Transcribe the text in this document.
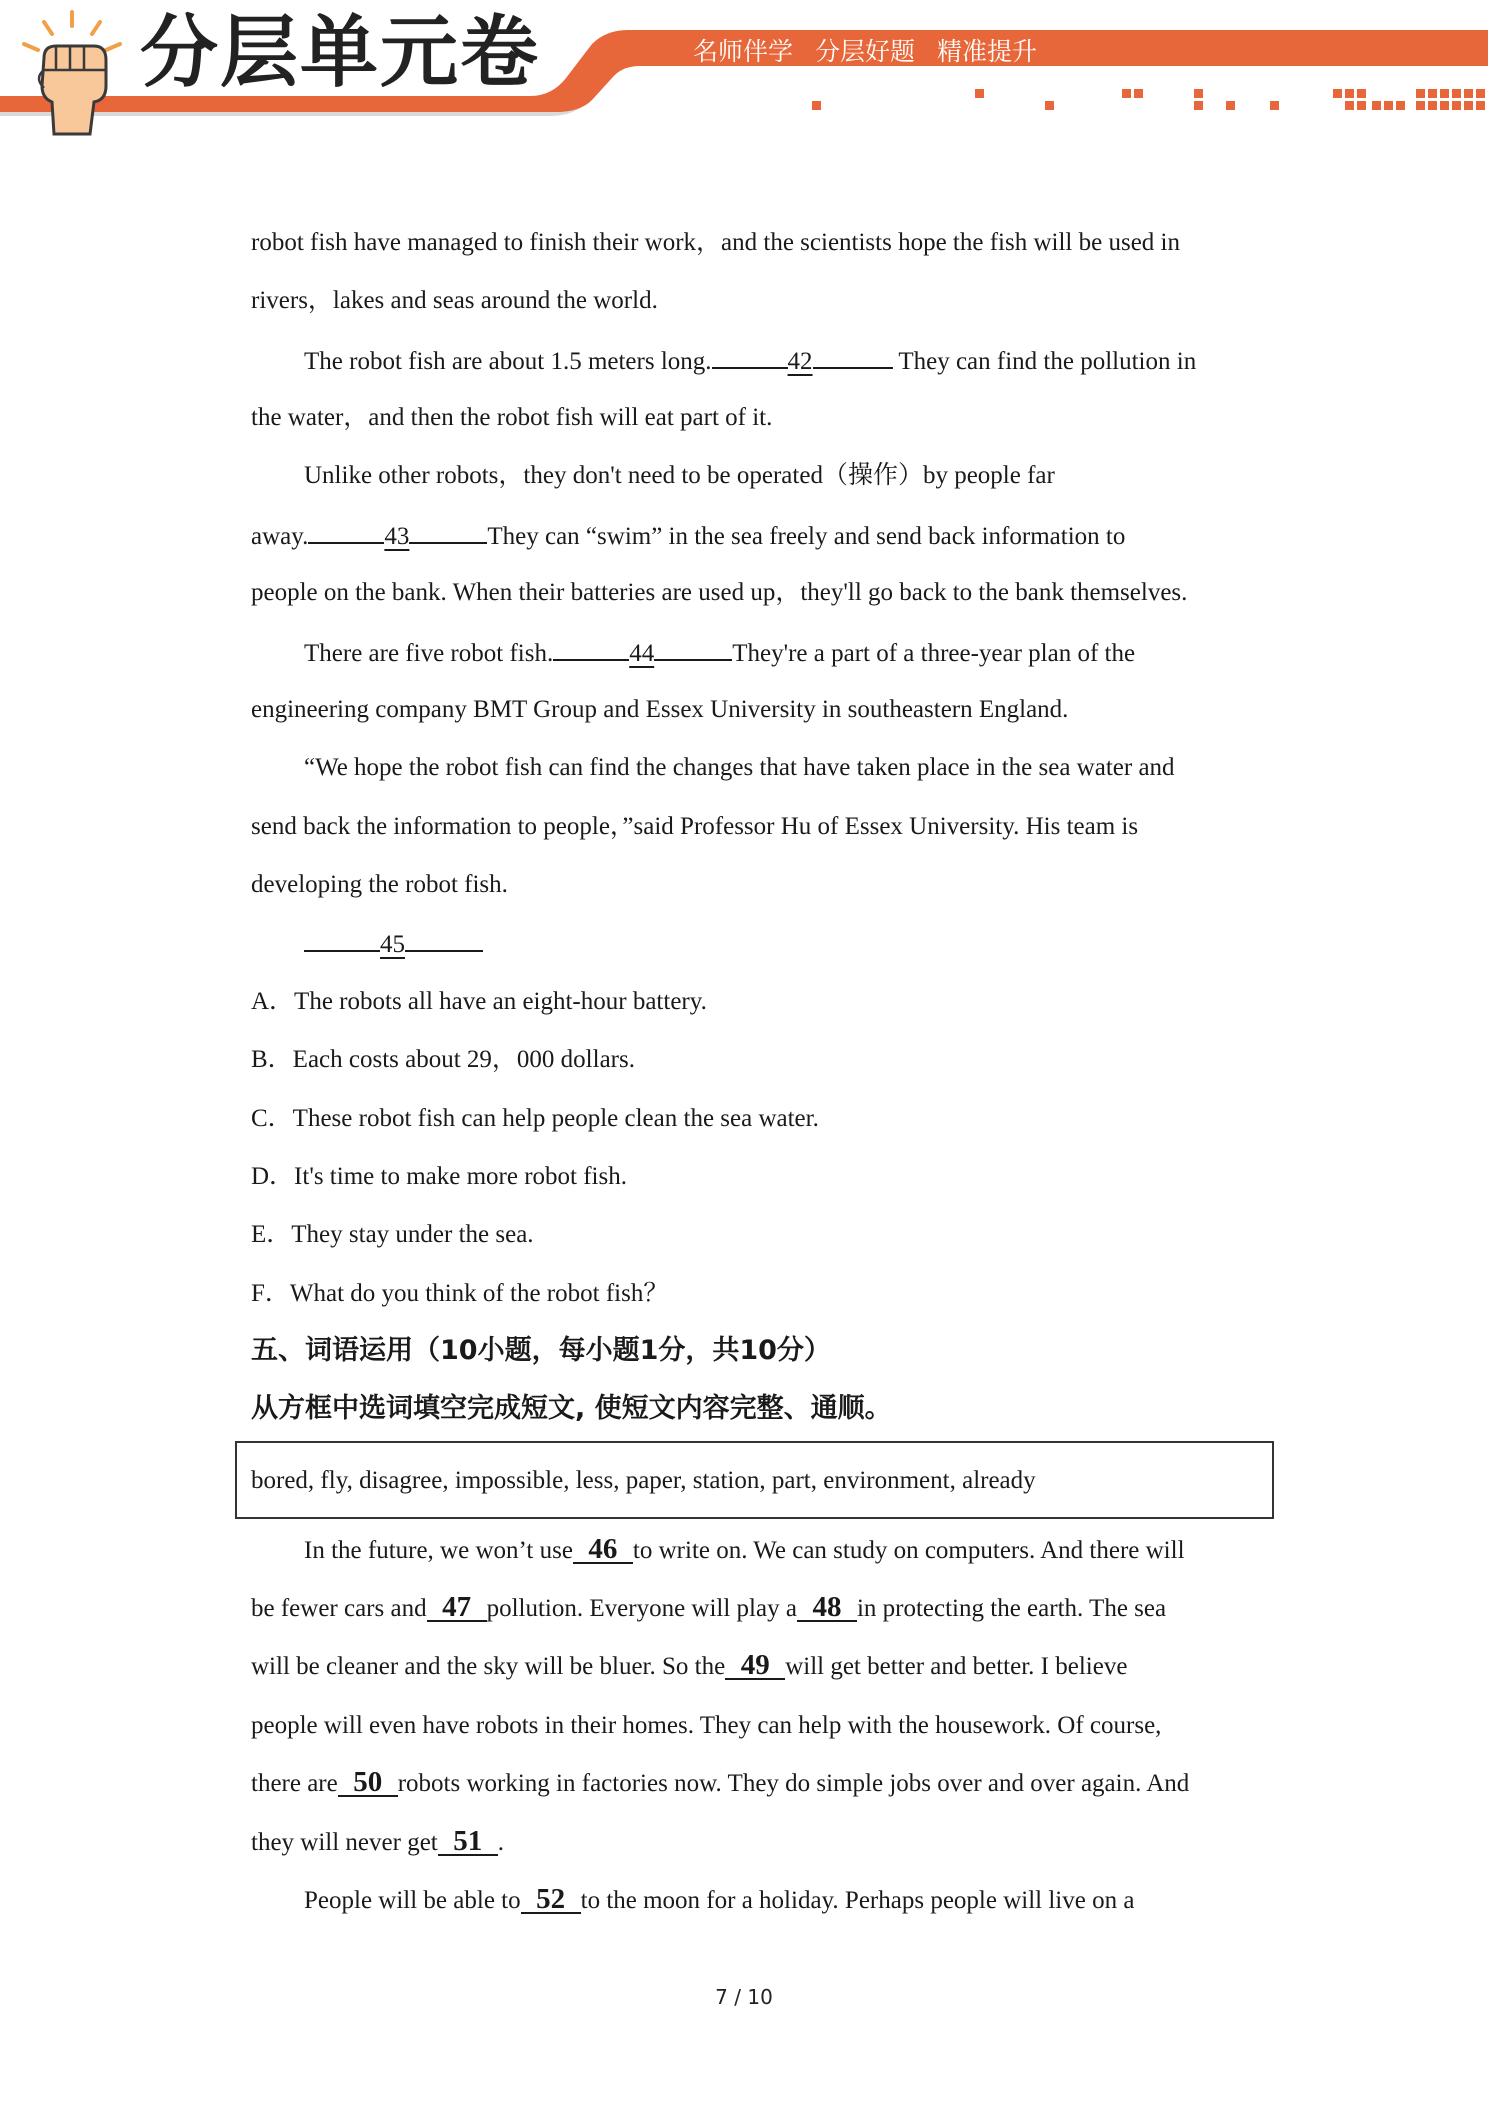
分层单元卷	名师伴学 分层好题 精准提升
robot fish have managed to finish their work，and the scientists hope the fish will be used in
rivers，lakes and seas around the world.
The robot fish are about 1.5 meters long.	42	They can find the pollution in
the water，and then the robot fish will eat part of it.
Unlike other robots，they don't need to be operated（操作）by people far
away.	43	They can “swim” in the sea freely and send back information to
people on the bank. When their batteries are used up，they'll go back to the bank themselves.
There are five robot fish.	44	They're a part of a three-year plan of the
engineering company BMT Group and Essex University in southeastern England.
“We hope the robot fish can find the changes that have taken place in the sea water and
send back the information to people，”said Professor Hu of Essex University. His team is
developing the robot fish.
45
A．The robots all have an eight-hour battery.
B．Each costs about 29，000 dollars.
C．These robot fish can help people clean the sea water.
D．It's time to make more robot fish.
E．They stay under the sea.
F．What do you think of the robot fish？
五、词语运用（10小题，每小题1分，共10分）
从方框中选词填空完成短文, 使短文内容完整、通顺。
bored, fly, disagree, impossible, less, paper, station, part, environment, already
In the future, we won’t use 46 to write on. We can study on computers. And there will
be fewer cars and 47 pollution. Everyone will play a 48 in protecting the earth. The sea
will be cleaner and the sky will be bluer. So the 49 will get better and better. I believe
people will even have robots in their homes. They can help with the housework. Of course,
there are 50 robots working in factories now. They do simple jobs over and over again. And
they will never get 51 .
People will be able to 52 to the moon for a holiday. Perhaps people will live on a
7 / 10
